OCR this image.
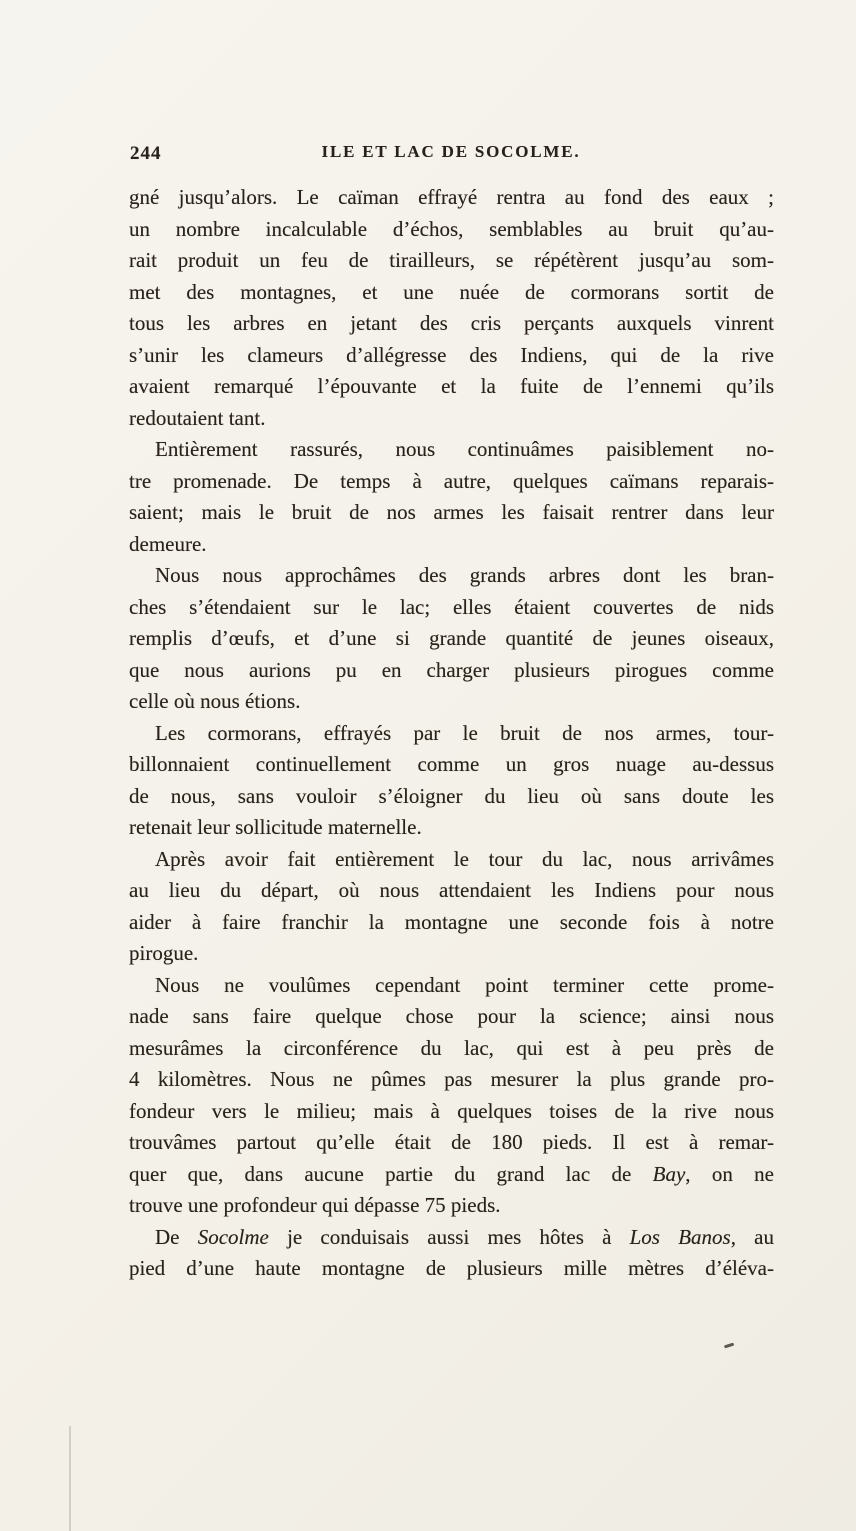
244	ILE ET LAC DE SOCOLME.
gné jusqu’alors. Le caïman effrayé rentra au fond des eaux ;
un nombre incalculable d’échos, semblables au bruit qu’au-
rait produit un feu de tirailleurs, se répétèrent jusqu’au som-
met des montagnes, et une nuée de cormorans sortit de
tous les arbres en jetant des cris perçants auxquels vinrent
s’unir les clameurs d’allégresse des Indiens, qui de la rive
avaient remarqué l’épouvante et la fuite de l’ennemi qu’ils
redoutaient tant.
Entièrement rassurés, nous continuâmes paisiblement no-
tre promenade. De temps à autre, quelques caïmans reparais-
saient; mais le bruit de nos armes les faisait rentrer dans leur
demeure.
Nous nous approchâmes des grands arbres dont les bran-
ches s’étendaient sur le lac; elles étaient couvertes de nids
remplis d’œufs, et d’une si grande quantité de jeunes oiseaux,
que nous aurions pu en charger plusieurs pirogues comme
celle où nous étions.
Les cormorans, effrayés par le bruit de nos armes, tour-
billonnaient continuellement comme un gros nuage au-dessus
de nous, sans vouloir s’éloigner du lieu où sans doute les
retenait leur sollicitude maternelle.
Après avoir fait entièrement le tour du lac, nous arrivâmes
au lieu du départ, où nous attendaient les Indiens pour nous
aider à faire franchir la montagne une seconde fois à notre
pirogue.
Nous ne voulûmes cependant point terminer cette prome-
nade sans faire quelque chose pour la science; ainsi nous
mesurâmes la circonférence du lac, qui est à peu près de
4 kilomètres. Nous ne pûmes pas mesurer la plus grande pro-
fondeur vers le milieu; mais à quelques toises de la rive nous
trouvâmes partout qu’elle était de 180 pieds. Il est à remar-
quer que, dans aucune partie du grand lac de Bay, on ne
trouve une profondeur qui dépasse 75 pieds.
De Socolme je conduisais aussi mes hôtes à Los Banos, au
pied d’une haute montagne de plusieurs mille mètres d’éléva-
